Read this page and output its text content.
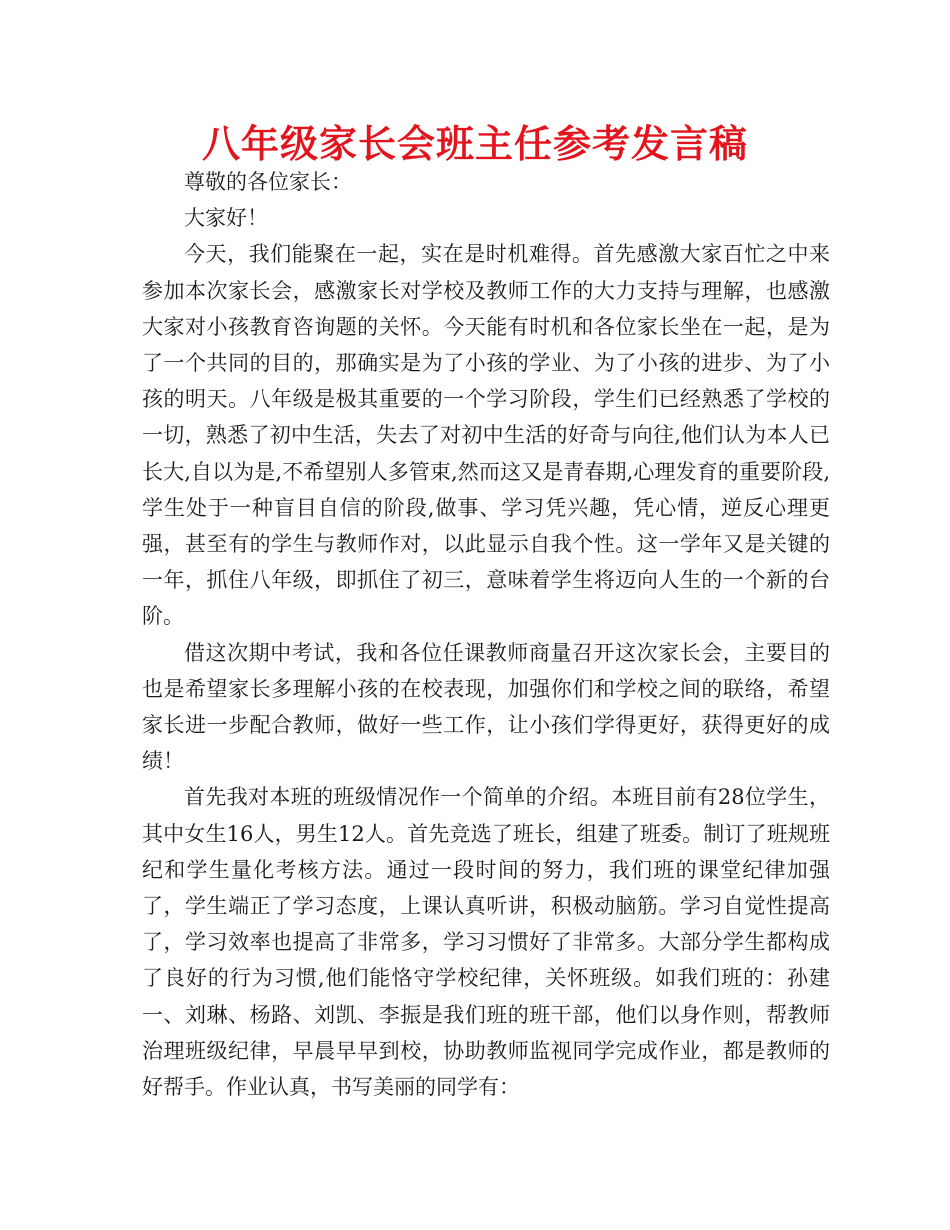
八年级家长会班主任参考发言稿

尊敬的各位家长：

大家好！

今天，我们能聚在一起，实在是时机难得。首先感激大家百忙之中来参加本次家长会，感激家长对学校及教师工作的大力支持与理解，也感激大家对小孩教育咨询题的关怀。今天能有时机和各位家长坐在一起，是为了一个共同的目的，那确实是为了小孩的学业、为了小孩的进步、为了小孩的明天。八年级是极其重要的一个学习阶段，学生们已经熟悉了学校的一切，熟悉了初中生活，失去了对初中生活的好奇与向往,他们认为本人已长大,自以为是,不希望别人多管束,然而这又是青春期,心理发育的重要阶段,学生处于一种盲目自信的阶段,做事、学习凭兴趣，凭心情，逆反心理更强，甚至有的学生与教师作对，以此显示自我个性。这一学年又是关键的一年，抓住八年级，即抓住了初三，意味着学生将迈向人生的一个新的台阶。

借这次期中考试，我和各位任课教师商量召开这次家长会，主要目的也是希望家长多理解小孩的在校表现，加强你们和学校之间的联络，希望家长进一步配合教师，做好一些工作，让小孩们学得更好，获得更好的成绩！

首先我对本班的班级情况作一个简单的介绍。本班目前有28位学生，其中女生16人，男生12人。首先竞选了班长，组建了班委。制订了班规班纪和学生量化考核方法。通过一段时间的努力，我们班的课堂纪律加强了，学生端正了学习态度，上课认真听讲，积极动脑筋。学习自觉性提高了，学习效率也提高了非常多，学习习惯好了非常多。大部分学生都构成了良好的行为习惯,他们能恪守学校纪律，关怀班级。如我们班的：孙建一、刘琳、杨路、刘凯、李振是我们班的班干部，他们以身作则，帮教师治理班级纪律，早晨早早到校，协助教师监视同学完成作业，都是教师的好帮手。作业认真，书写美丽的同学有：
